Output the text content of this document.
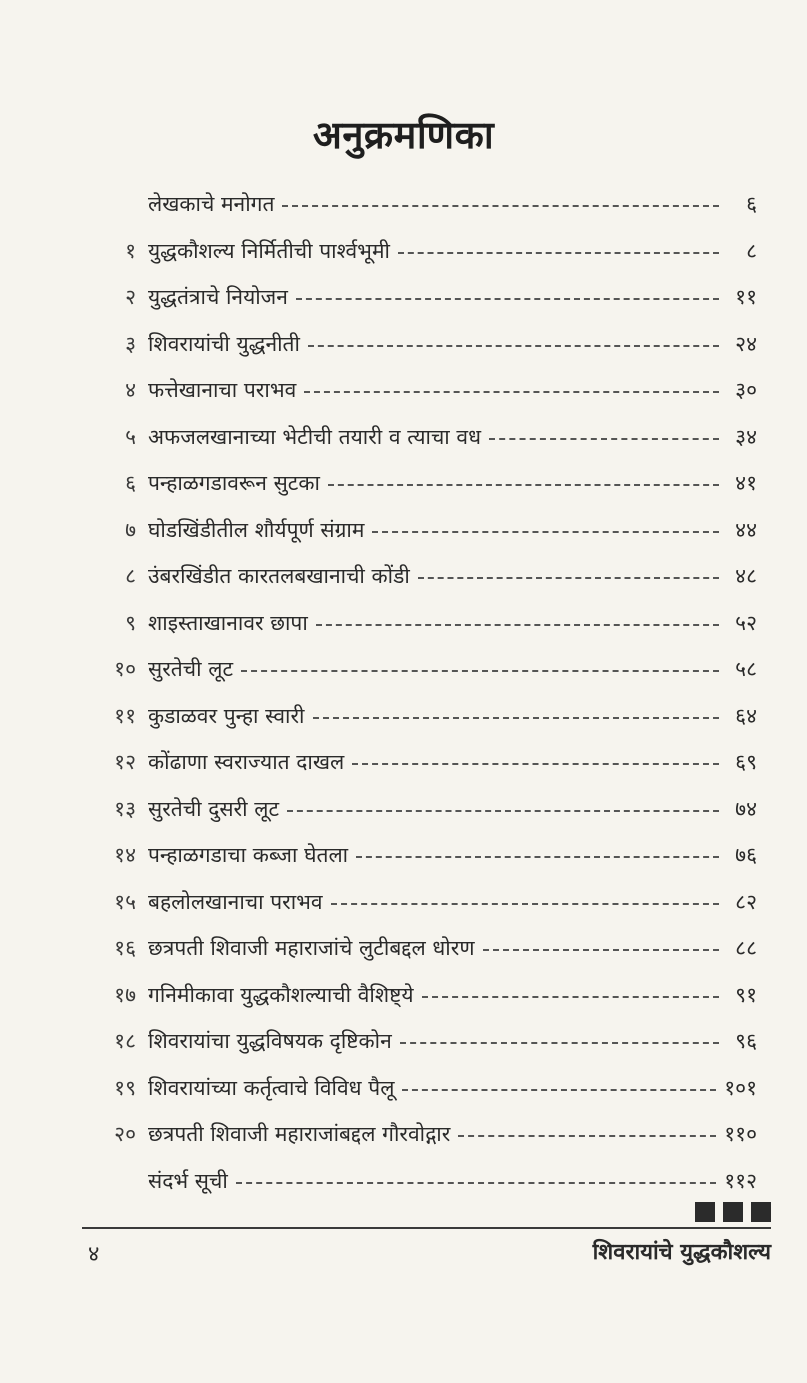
अनुक्रमणिका
लेखकाचे मनोगत	६
१ युद्धकौशल्य निर्मितीची पार्श्वभूमी	८
२ युद्धतंत्राचे नियोजन	११
३ शिवरायांची युद्धनीती	२४
४ फत्तेखानाचा पराभव	३०
५ अफजलखानाच्या भेटीची तयारी व त्याचा वध	३४
६ पन्हाळगडावरून सुटका	४१
७ घोडखिंडीतील शौर्यपूर्ण संग्राम	४४
८ उंबरखिंडीत कारतलबखानाची कोंडी	४८
९ शाइस्ताखानावर छापा	५२
१० सुरतेची लूट	५८
११ कुडाळवर पुन्हा स्वारी	६४
१२ कोंढाणा स्वराज्यात दाखल	६९
१३ सुरतेची दुसरी लूट	७४
१४ पन्हाळगडाचा कब्जा घेतला	७६
१५ बहलोलखानाचा पराभव	८२
१६ छत्रपती शिवाजी महाराजांचे लुटीबद्दल धोरण	८८
१७ गनिमीकावा युद्धकौशल्याची वैशिष्ट्ये	९१
१८ शिवरायांचा युद्धविषयक दृष्टिकोन	९६
१९ शिवरायांच्या कर्तृत्वाचे विविध पैलू	१०१
२० छत्रपती शिवाजी महाराजांबद्दल गौरवोद्गार	११०
संदर्भ सूची	११२
४	शिवरायांचे युद्धकौशल्य
